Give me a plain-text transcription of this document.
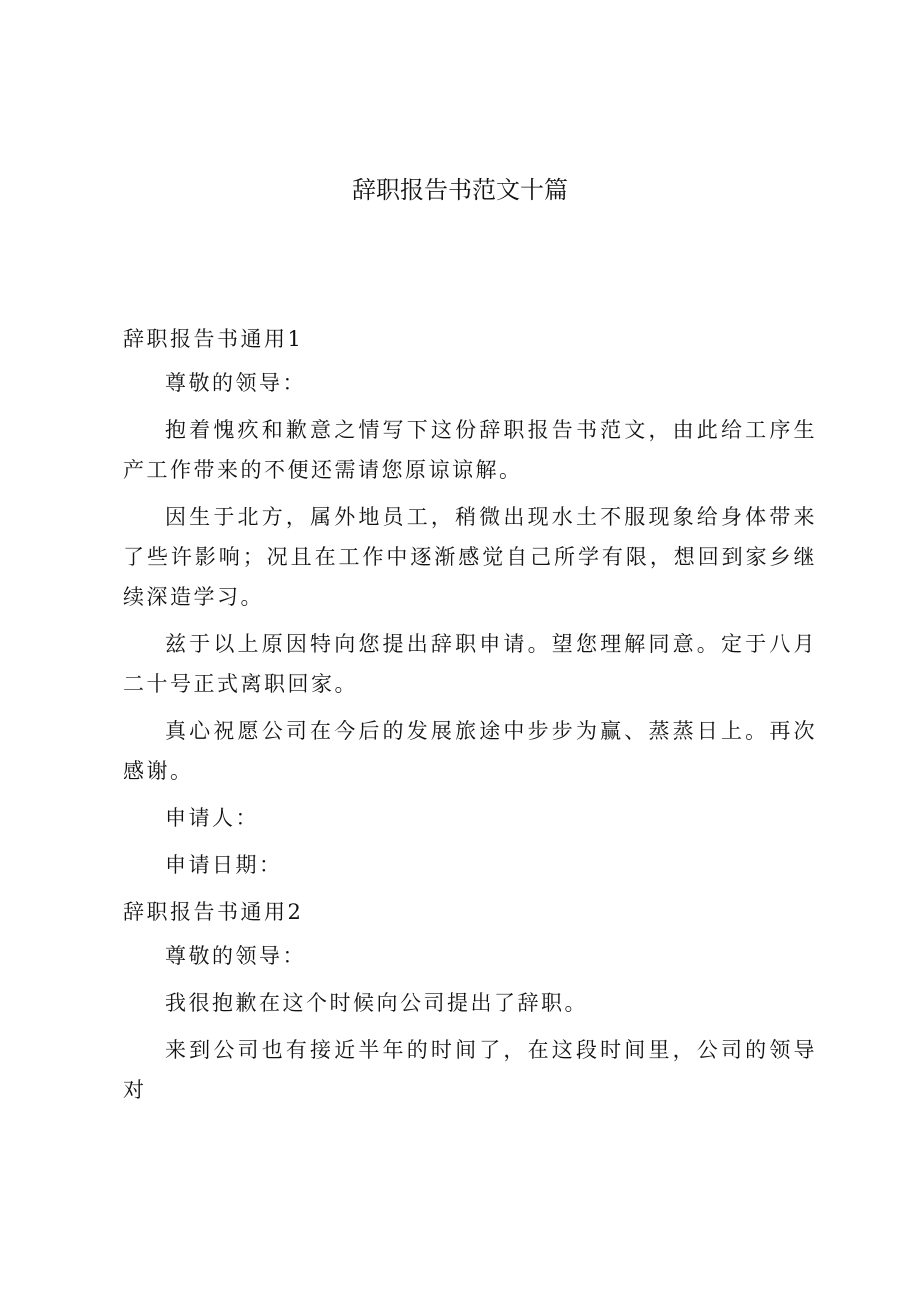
辞职报告书范文十篇

辞职报告书通用1

尊敬的领导：

抱着愧疚和歉意之情写下这份辞职报告书范文，由此给工序生产工作带来的不便还需请您原谅谅解。

因生于北方，属外地员工，稍微出现水土不服现象给身体带来了些许影响；况且在工作中逐渐感觉自己所学有限，想回到家乡继续深造学习。

兹于以上原因特向您提出辞职申请。望您理解同意。定于八月二十号正式离职回家。

真心祝愿公司在今后的发展旅途中步步为赢、蒸蒸日上。再次感谢。

申请人：

申请日期：

辞职报告书通用2

尊敬的领导：

我很抱歉在这个时候向公司提出了辞职。

来到公司也有接近半年的时间了，在这段时间里，公司的领导对
